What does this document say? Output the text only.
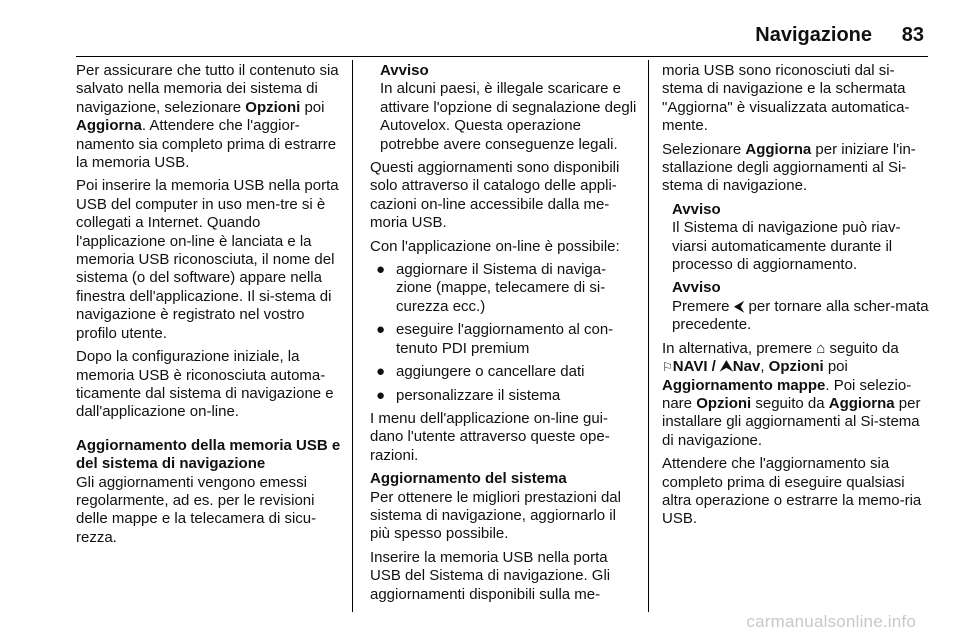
Navigazione 83

Per assicurare che tutto il contenuto sia salvato nella memoria dei sistema di navigazione, selezionare Opzioni poi Aggiorna. Attendere che l'aggior-namento sia completo prima di estrarre la memoria USB.

Poi inserire la memoria USB nella porta USB del computer in uso men-tre si è collegati a Internet. Quando l'applicazione on-line è lanciata e la memoria USB riconosciuta, il nome del sistema (o del software) appare nella finestra dell'applicazione. Il si-stema di navigazione è registrato nel vostro profilo utente.

Dopo la configurazione iniziale, la memoria USB è riconosciuta automa-ticamente dal sistema di navigazione e dall'applicazione on-line.

Aggiornamento della memoria USB e del sistema di navigazione

Gli aggiornamenti vengono emessi regolarmente, ad es. per le revisioni delle mappe e la telecamera di sicu-rezza.

Avviso

In alcuni paesi, è illegale scaricare e attivare l'opzione di segnalazione degli Autovelox. Questa operazione potrebbe avere conseguenze legali.

Questi aggiornamenti sono disponibili solo attraverso il catalogo delle appli-cazioni on-line accessibile dalla me-moria USB.

Con l'applicazione on-line è possibile:

● aggiornare il Sistema di naviga-zione (mappe, telecamere di si-curezza ecc.)
● eseguire l'aggiornamento al con-tenuto PDI premium
● aggiungere o cancellare dati
● personalizzare il sistema

I menu dell'applicazione on-line gui-dano l'utente attraverso queste ope-razioni.

Aggiornamento del sistema

Per ottenere le migliori prestazioni dal sistema di navigazione, aggiornarlo il più spesso possibile.

Inserire la memoria USB nella porta USB del Sistema di navigazione. Gli aggiornamenti disponibili sulla me-

moria USB sono riconosciuti dal si-stema di navigazione e la schermata "Aggiorna" è visualizzata automatica-mente.

Selezionare Aggiorna per iniziare l'in-stallazione degli aggiornamenti al Si-stema di navigazione.

Avviso

Il Sistema di navigazione può riav-viarsi automaticamente durante il processo di aggiornamento.

Avviso

Premere ⮜ per tornare alla scher-mata precedente.

In alternativa, premere ⌂ seguito da
⚐NAVI / ⮝Nav, Opzioni poi
Aggiornamento mappe. Poi selezio-nare Opzioni seguito da Aggiorna per installare gli aggiornamenti al Si-stema di navigazione.

Attendere che l'aggiornamento sia completo prima di eseguire qualsiasi altra operazione o estrarre la memo-ria USB.

carmanualsonline.info
